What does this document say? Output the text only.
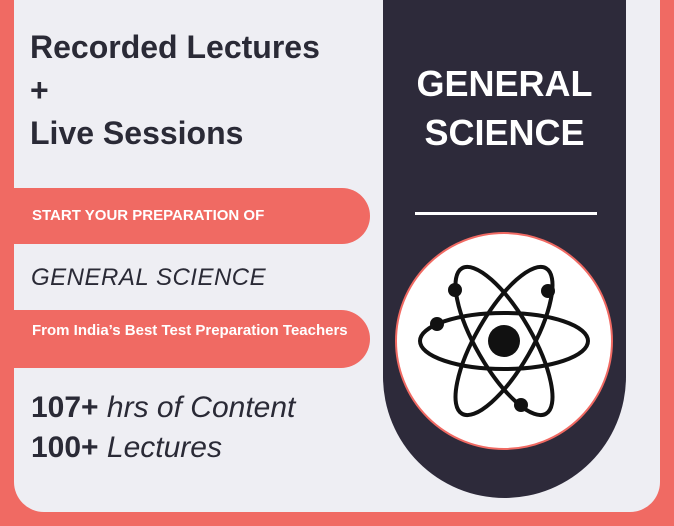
Recorded Lectures
+
Live Sessions
START YOUR PREPARATION OF

GENERAL SCIENCE

From India’s Best Test Preparation Teachers
107+ hrs of Content
100+ Lectures
GENERAL
SCIENCE
